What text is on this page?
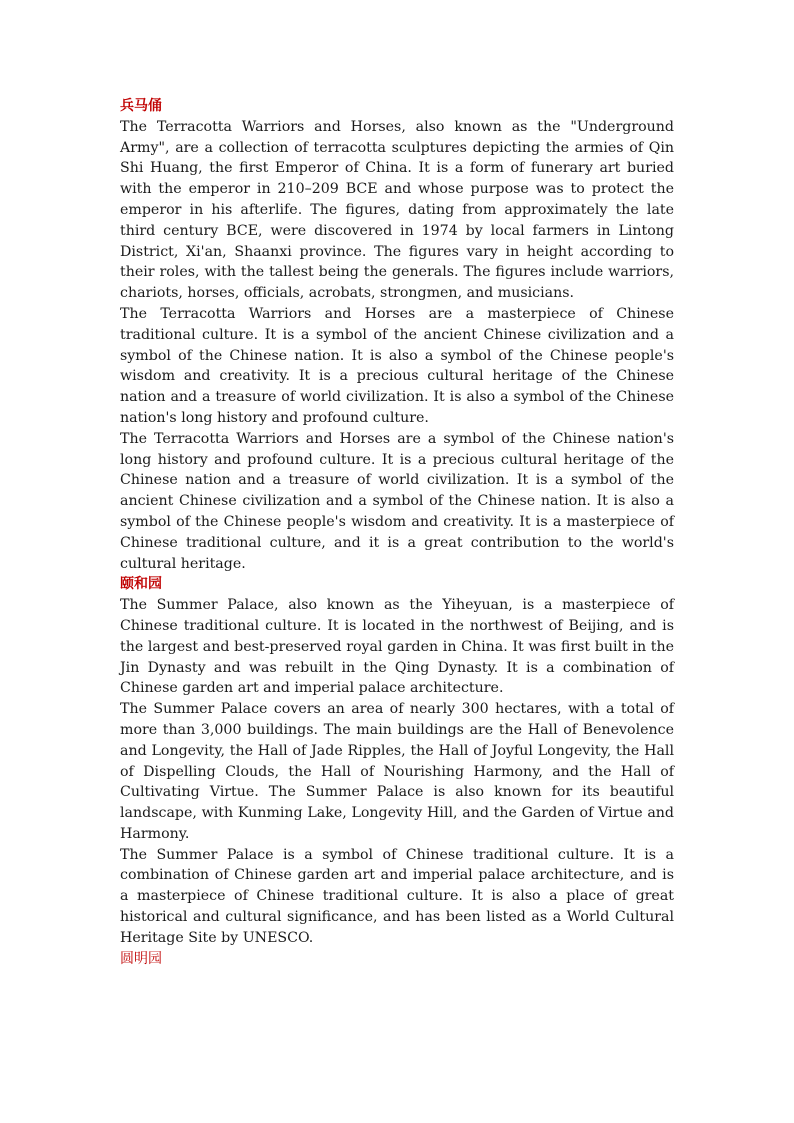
兵马俑

The Terracotta Warriors and Horses, also known as the "Underground Army", are a collection of terracotta sculptures depicting the armies of Qin Shi Huang, the first Emperor of China. It is a form of funerary art buried with the emperor in 210–209 BCE and whose purpose was to protect the emperor in his afterlife. The figures, dating from approximately the late third century BCE, were discovered in 1974 by local farmers in Lintong District, Xi'an, Shaanxi province. The figures vary in height according to their roles, with the tallest being the generals. The figures include warriors, chariots, horses, officials, acrobats, strongmen, and musicians.

The Terracotta Warriors and Horses are a masterpiece of Chinese traditional culture. It is a symbol of the ancient Chinese civilization and a symbol of the Chinese nation. It is also a symbol of the Chinese people's wisdom and creativity. It is a precious cultural heritage of the Chinese nation and a treasure of world civilization. It is also a symbol of the Chinese nation's long history and profound culture.

The Terracotta Warriors and Horses are a symbol of the Chinese nation's long history and profound culture. It is a precious cultural heritage of the Chinese nation and a treasure of world civilization. It is a symbol of the ancient Chinese civilization and a symbol of the Chinese nation. It is also a symbol of the Chinese people's wisdom and creativity. It is a masterpiece of Chinese traditional culture, and it is a great contribution to the world's cultural heritage.

颐和园

The Summer Palace, also known as the Yiheyuan, is a masterpiece of Chinese traditional culture. It is located in the northwest of Beijing, and is the largest and best-preserved royal garden in China. It was first built in the Jin Dynasty and was rebuilt in the Qing Dynasty. It is a combination of Chinese garden art and imperial palace architecture.

The Summer Palace covers an area of nearly 300 hectares, with a total of more than 3,000 buildings. The main buildings are the Hall of Benevolence and Longevity, the Hall of Jade Ripples, the Hall of Joyful Longevity, the Hall of Dispelling Clouds, the Hall of Nourishing Harmony, and the Hall of Cultivating Virtue. The Summer Palace is also known for its beautiful landscape, with Kunming Lake, Longevity Hill, and the Garden of Virtue and Harmony.

The Summer Palace is a symbol of Chinese traditional culture. It is a combination of Chinese garden art and imperial palace architecture, and is a masterpiece of Chinese traditional culture. It is also a place of great historical and cultural significance, and has been listed as a World Cultural Heritage Site by UNESCO.

圆明园
